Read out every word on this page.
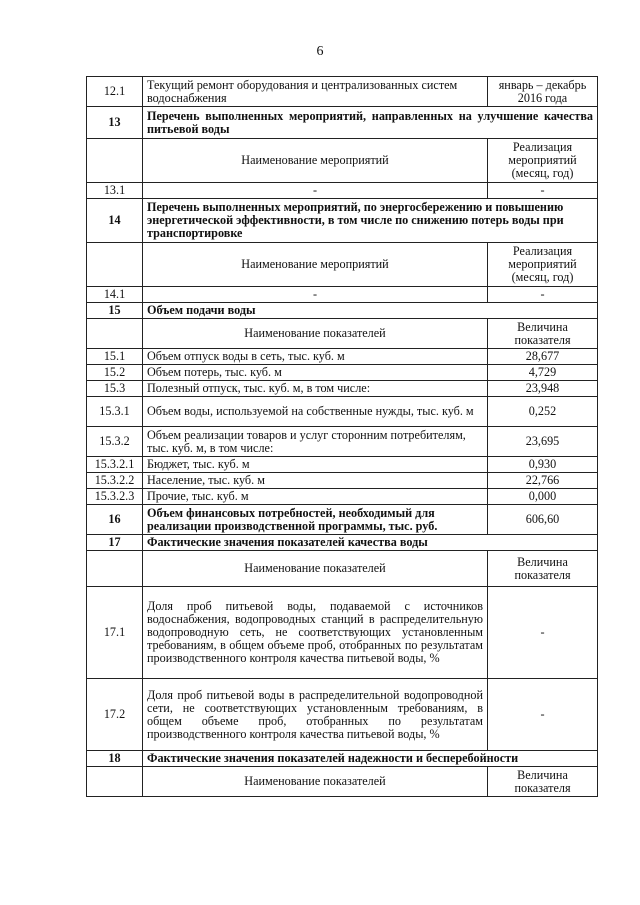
6
12.1	Текущий ремонт оборудования и централизованных систем водоснабжения	январь – декабрь 2016 года
13	Перечень выполненных мероприятий, направленных на улучшение качества питьевой воды	
	Наименование мероприятий	Реализация мероприятий (месяц, год)
13.1	-	-
14	Перечень выполненных мероприятий, по энергосбережению и повышению энергетической эффективности, в том числе по снижению потерь воды при транспортировке	
	Наименование мероприятий	Реализация мероприятий (месяц, год)
14.1	-	-
15	Объем подачи воды	
	Наименование показателей	Величина показателя
15.1	Объем отпуск воды в сеть, тыс. куб. м	28,677
15.2	Объем потерь, тыс. куб. м	4,729
15.3	Полезный отпуск, тыс. куб. м, в том числе:	23,948
15.3.1	Объем воды, используемой на собственные нужды, тыс. куб. м	0,252
15.3.2	Объем реализации товаров и услуг сторонним потребителям, тыс. куб. м, в том числе:	23,695
15.3.2.1	Бюджет, тыс. куб. м	0,930
15.3.2.2	Население, тыс. куб. м	22,766
15.3.2.3	Прочие, тыс. куб. м	0,000
16	Объем финансовых потребностей, необходимый для реализации производственной программы, тыс. руб.	606,60
17	Фактические значения показателей качества воды	
	Наименование показателей	Величина показателя
17.1	Доля проб питьевой воды, подаваемой с источников водоснабжения, водопроводных станций в распределительную водопроводную сеть, не соответствующих установленным требованиям, в общем объеме проб, отобранных по результатам производственного контроля качества питьевой воды, %	-
17.2	Доля проб питьевой воды в распределительной водопроводной сети, не соответствующих установленным требованиям, в общем объеме проб, отобранных по результатам производственного контроля качества питьевой воды, %	-
18	Фактические значения показателей надежности и бесперебойности	
	Наименование показателей	Величина показателя
